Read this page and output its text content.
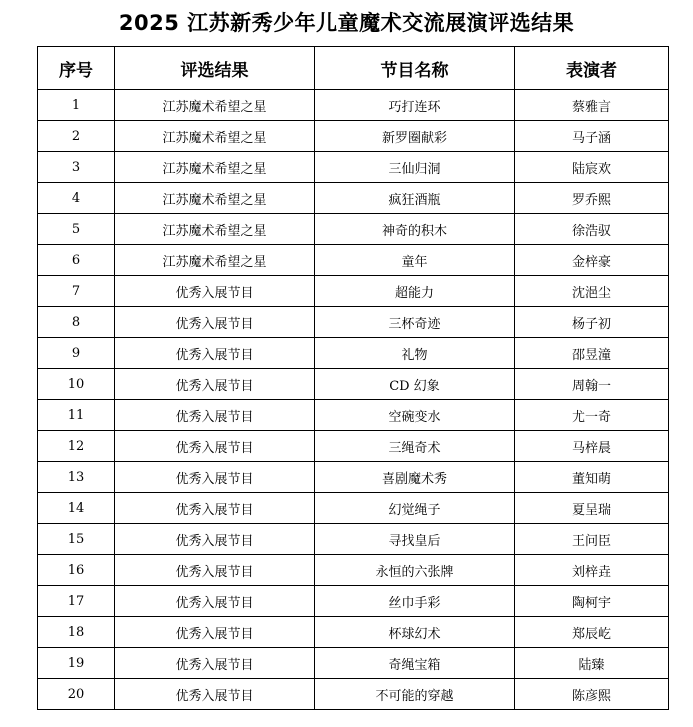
2025 江苏新秀少年儿童魔术交流展演评选结果
序号	评选结果	节目名称	表演者
1	江苏魔术希望之星	巧打连环	蔡雅言
2	江苏魔术希望之星	新罗圈献彩	马子涵
3	江苏魔术希望之星	三仙归洞	陆宸欢
4	江苏魔术希望之星	疯狂酒瓶	罗乔熙
5	江苏魔术希望之星	神奇的积木	徐浩驭
6	江苏魔术希望之星	童年	金梓豪
7	优秀入展节目	超能力	沈浥尘
8	优秀入展节目	三杯奇迹	杨子初
9	优秀入展节目	礼物	邵昱潼
10	优秀入展节目	CD 幻象	周翰一
11	优秀入展节目	空碗变水	尤一奇
12	优秀入展节目	三绳奇术	马梓晨
13	优秀入展节目	喜剧魔术秀	董知萌
14	优秀入展节目	幻觉绳子	夏呈瑞
15	优秀入展节目	寻找皇后	王问臣
16	优秀入展节目	永恒的六张牌	刘梓垚
17	优秀入展节目	丝巾手彩	陶柯宇
18	优秀入展节目	杯球幻术	郑辰屹
19	优秀入展节目	奇绳宝箱	陆臻
20	优秀入展节目	不可能的穿越	陈彦熙
